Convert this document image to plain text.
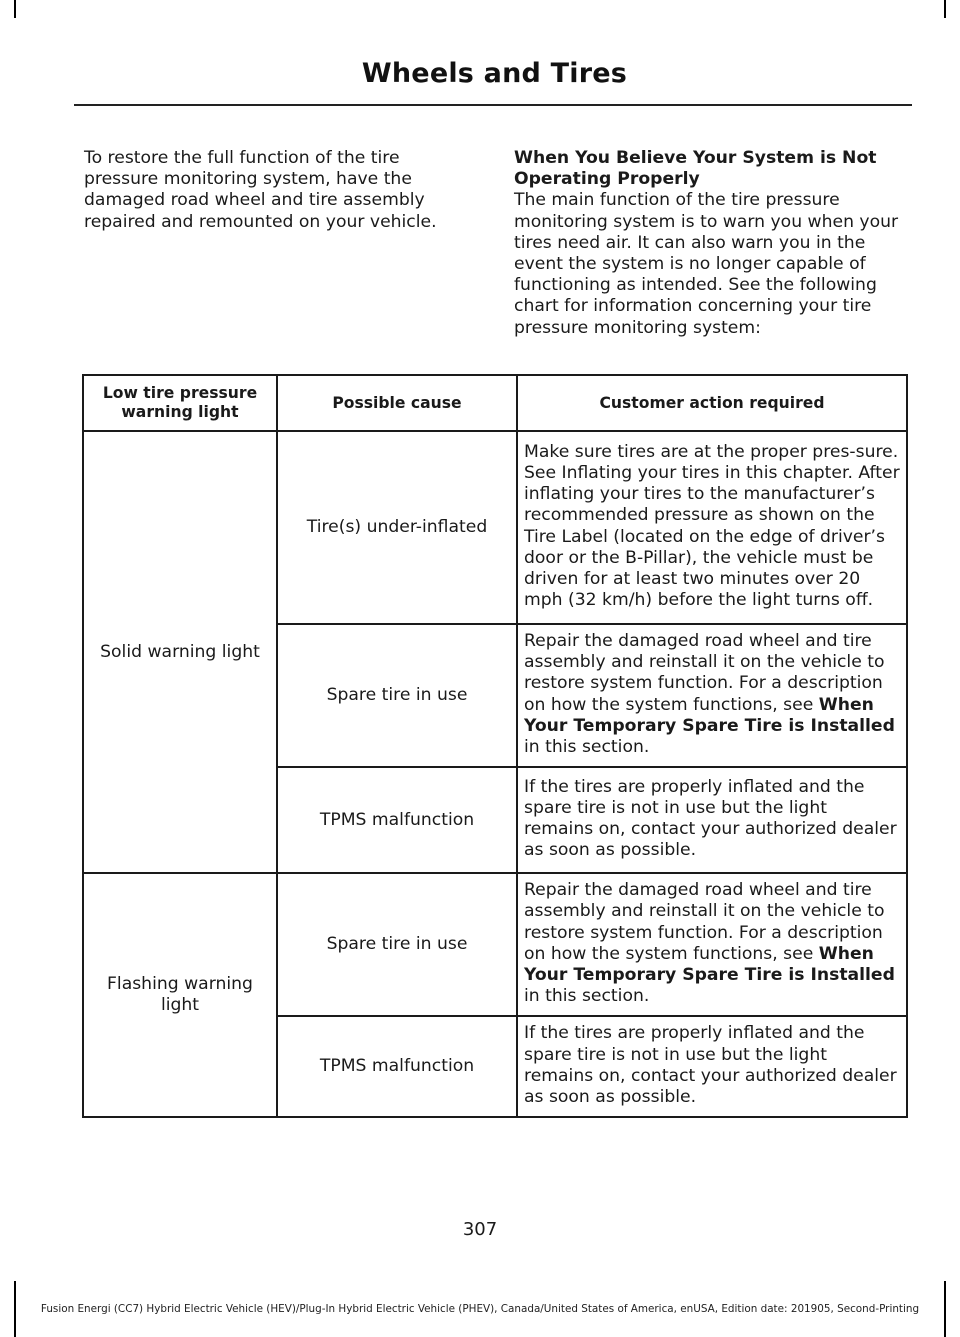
Wheels and Tires

To restore the full function of the tire pressure monitoring system, have the damaged road wheel and tire assembly repaired and remounted on your vehicle.

When You Believe Your System is Not Operating Properly

The main function of the tire pressure monitoring system is to warn you when your tires need air. It can also warn you in the event the system is no longer capable of functioning as intended. See the following chart for information concerning your tire pressure monitoring system:

Low tire pressure warning light	Possible cause	Customer action required
Solid warning light	Tire(s) under-inflated	Make sure tires are at the proper pres-sure. See Inflating your tires in this chapter. After inflating your tires to the manufacturer’s recommended pressure as shown on the Tire Label (located on the edge of driver’s door or the B-Pillar), the vehicle must be driven for at least two minutes over 20 mph (32 km/h) before the light turns off.
	Spare tire in use	Repair the damaged road wheel and tire assembly and reinstall it on the vehicle to restore system function. For a description on how the system functions, see When Your Temporary Spare Tire is Installed in this section.
	TPMS malfunction	If the tires are properly inflated and the spare tire is not in use but the light remains on, contact your authorized dealer as soon as possible.
Flashing warning light	Spare tire in use	Repair the damaged road wheel and tire assembly and reinstall it on the vehicle to restore system function. For a description on how the system functions, see When Your Temporary Spare Tire is Installed in this section.
	TPMS malfunction	If the tires are properly inflated and the spare tire is not in use but the light remains on, contact your authorized dealer as soon as possible.
307
Fusion Energi (CC7) Hybrid Electric Vehicle (HEV)/Plug-In Hybrid Electric Vehicle (PHEV), Canada/United States of America, enUSA, Edition date: 201905, Second-Printing
